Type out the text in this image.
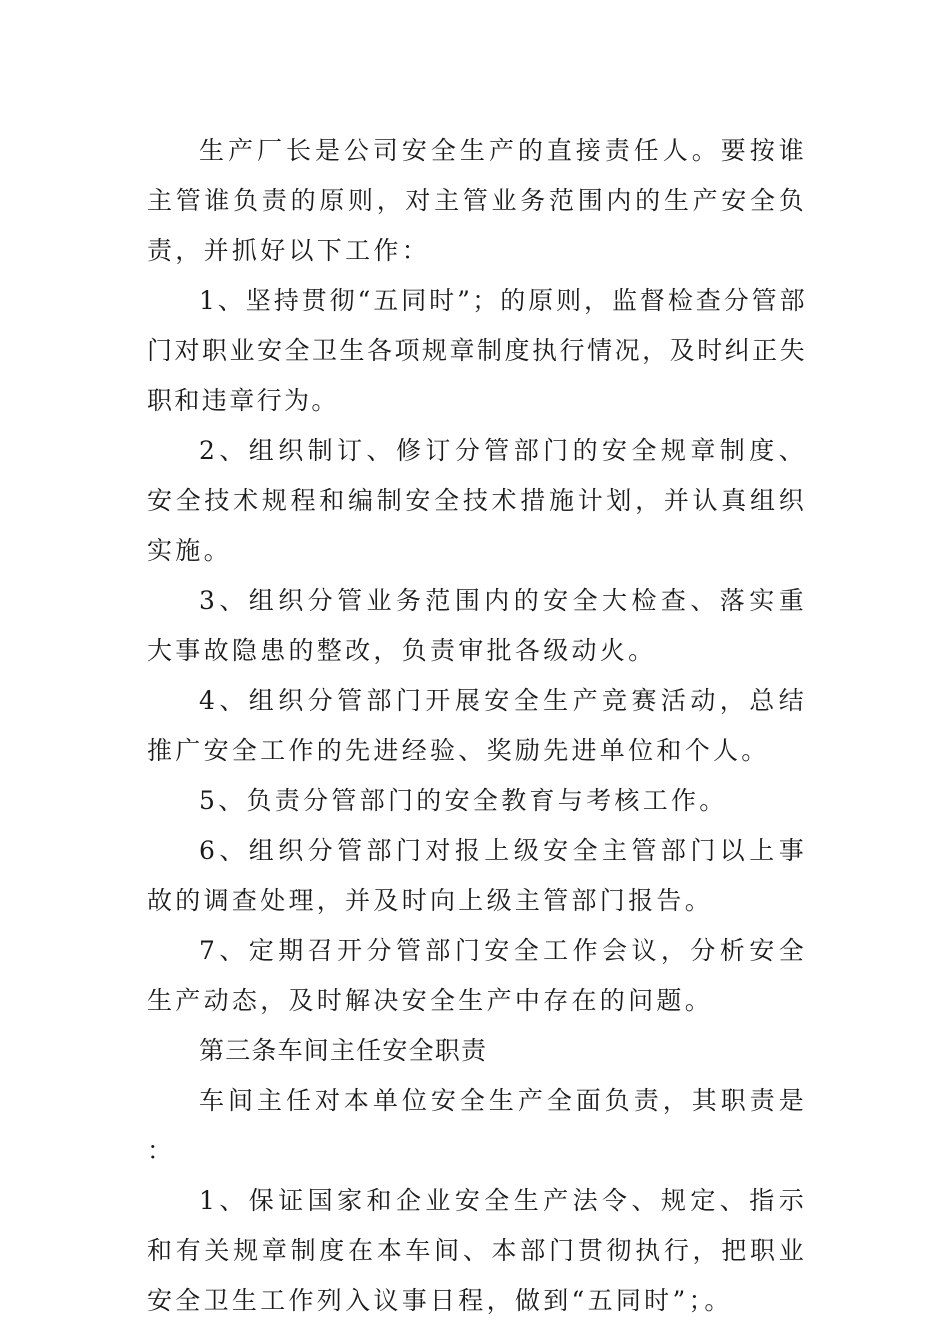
生产厂长是公司安全生产的直接责任人。要按谁主管谁负责的原则，对主管业务范围内的生产安全负责，并抓好以下工作：

1、坚持贯彻“五同时”；的原则，监督检查分管部门对职业安全卫生各项规章制度执行情况，及时纠正失职和违章行为。

2、组织制订、修订分管部门的安全规章制度、安全技术规程和编制安全技术措施计划，并认真组织实施。

3、组织分管业务范围内的安全大检查、落实重大事故隐患的整改，负责审批各级动火。

4、组织分管部门开展安全生产竞赛活动，总结推广安全工作的先进经验、奖励先进单位和个人。

5、负责分管部门的安全教育与考核工作。

6、组织分管部门对报上级安全主管部门以上事故的调查处理，并及时向上级主管部门报告。

7、定期召开分管部门安全工作会议，分析安全生产动态，及时解决安全生产中存在的问题。

第三条车间主任安全职责

车间主任对本单位安全生产全面负责，其职责是：

1、保证国家和企业安全生产法令、规定、指示和有关规章制度在本车间、本部门贯彻执行，把职业安全卫生工作列入议事日程，做到“五同时”；。
